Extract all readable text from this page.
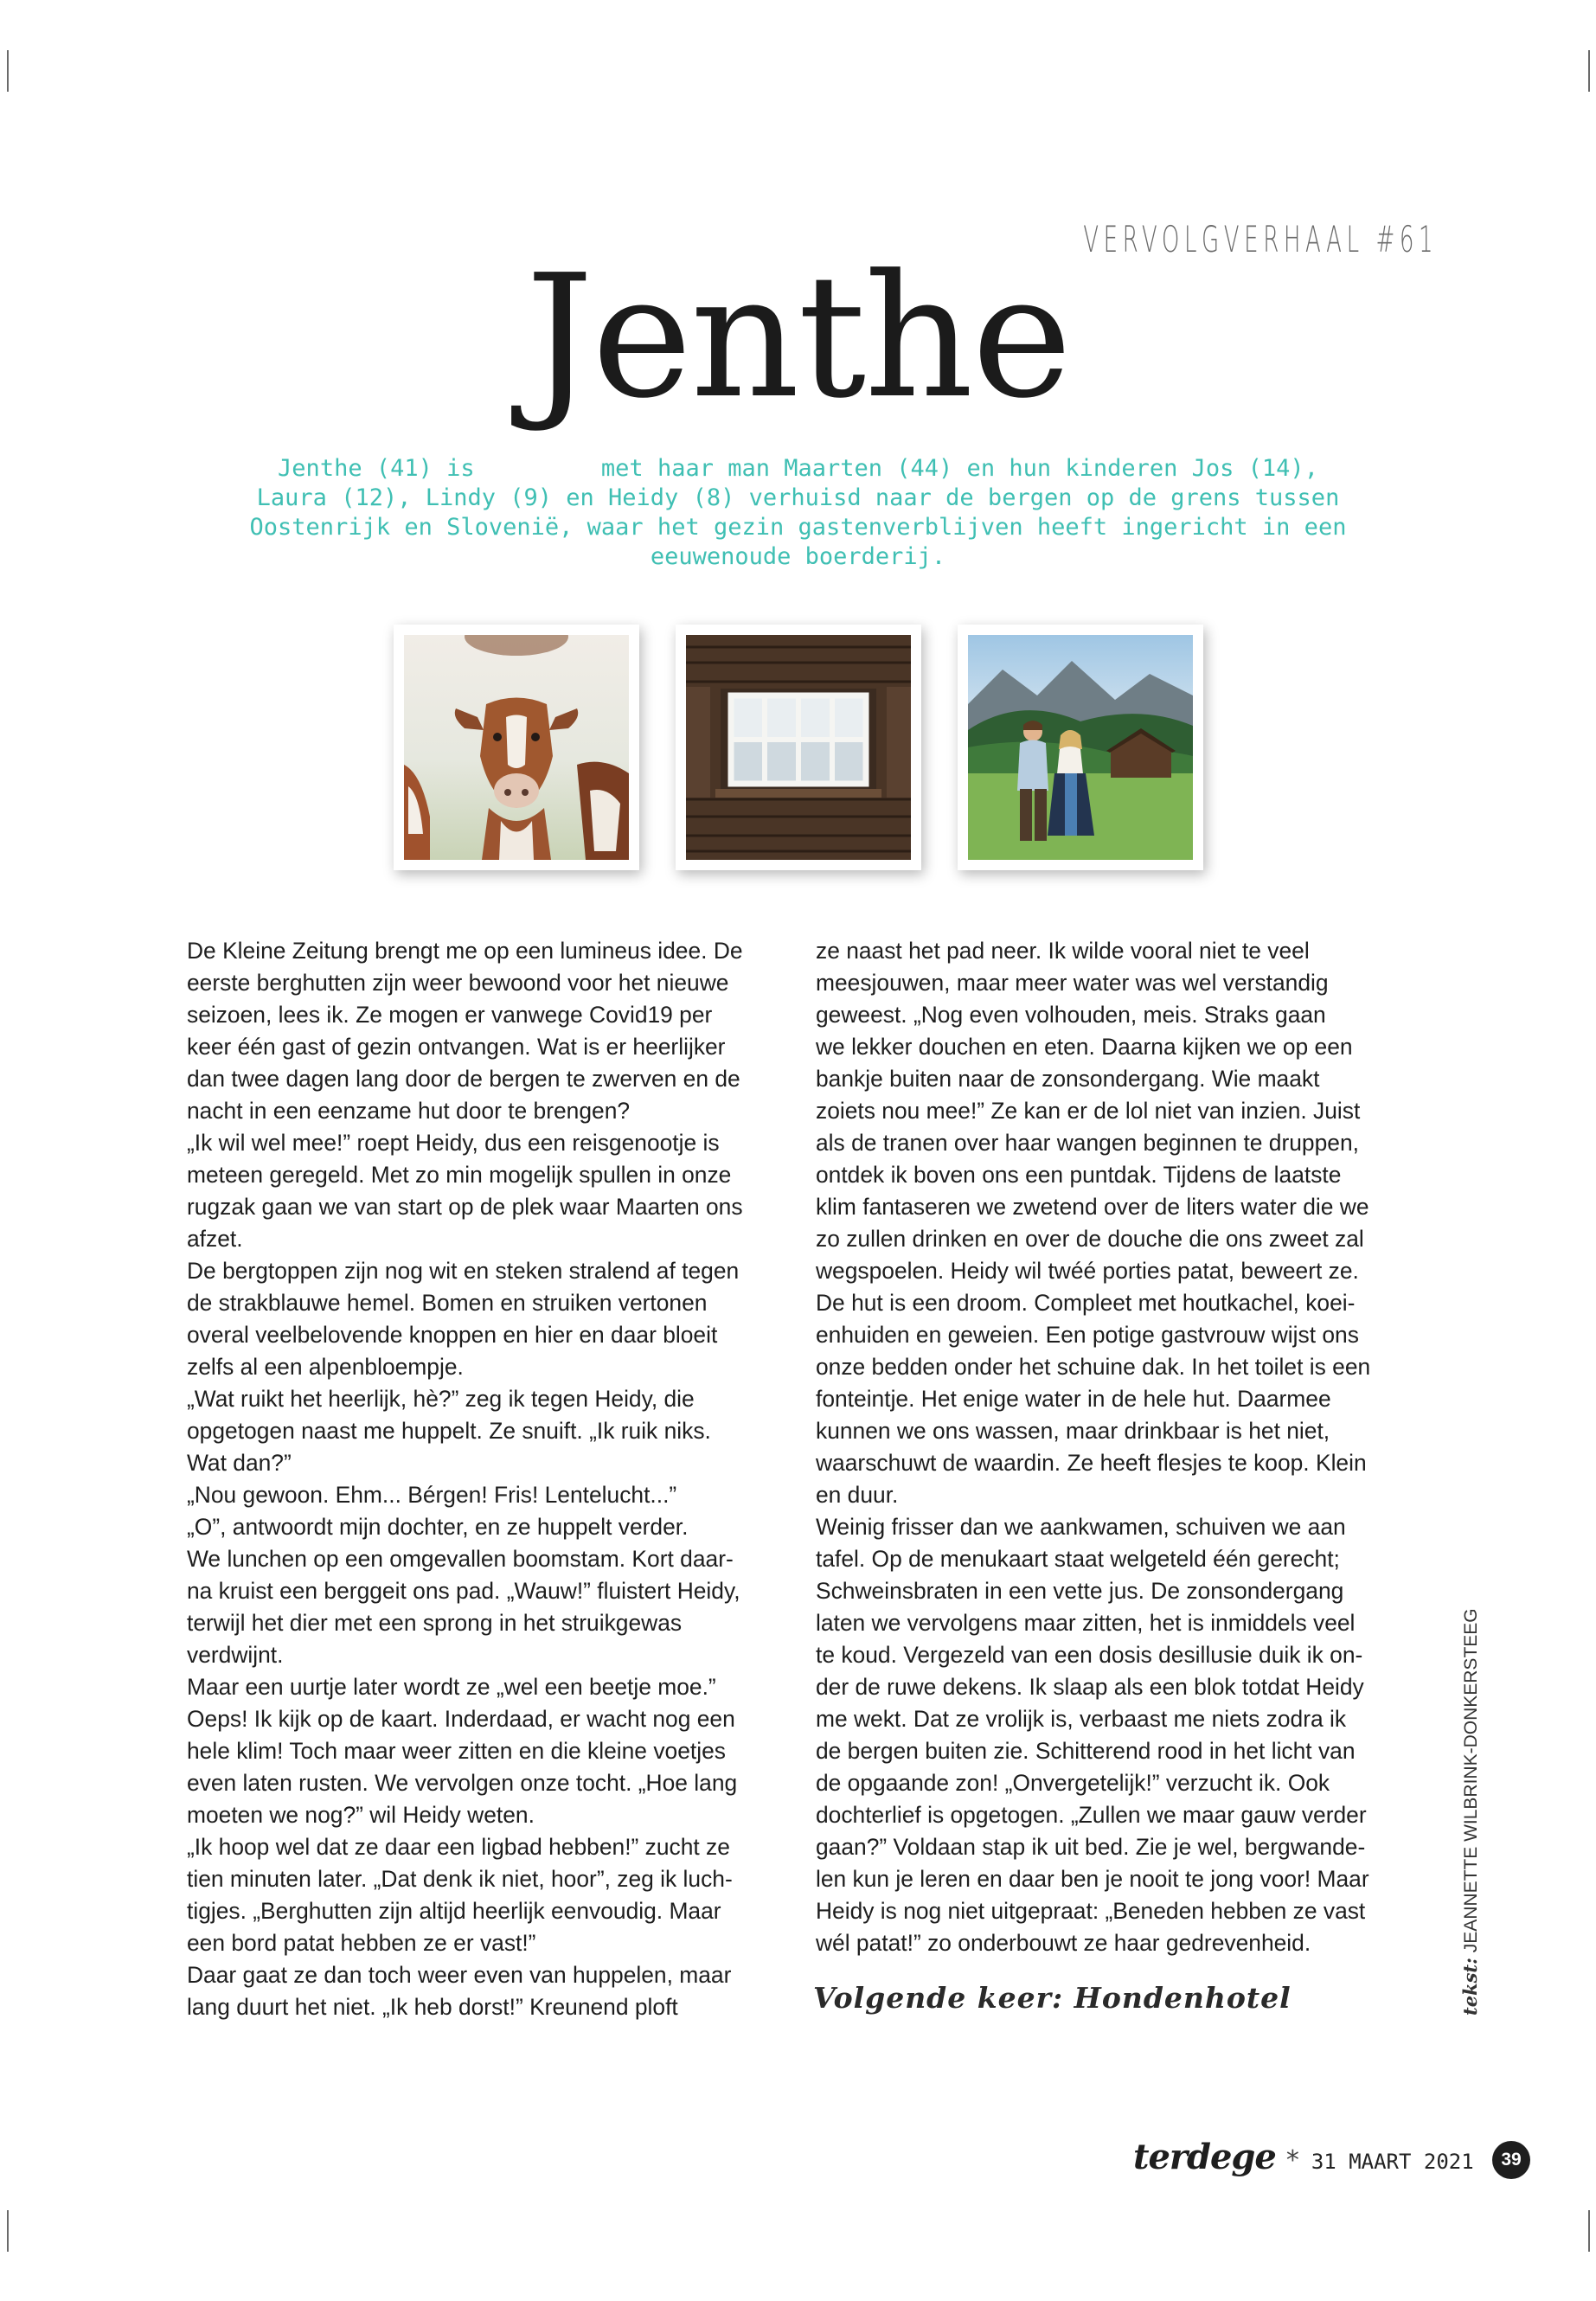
VERVOLGVERHAAL #61
Jenthe
Jenthe (41) is         met haar man Maarten (44) en hun kinderen Jos (14),
Laura (12), Lindy (9) en Heidy (8) verhuisd naar de bergen op de grens tussen
Oostenrijk en Slovenië, waar het gezin gastenverblijven heeft ingericht in een
eeuwenoude boerderij.
De Kleine Zeitung brengt me op een lumineus idee. De
eerste berghutten zijn weer bewoond voor het nieuwe
seizoen, lees ik. Ze mogen er vanwege Covid19 per
keer één gast of gezin ontvangen. Wat is er heerlijker
dan twee dagen lang door de bergen te zwerven en de
nacht in een eenzame hut door te brengen?
„Ik wil wel mee!” roept Heidy, dus een reisgenootje is
meteen geregeld. Met zo min mogelijk spullen in onze
rugzak gaan we van start op de plek waar Maarten ons
afzet.
De bergtoppen zijn nog wit en steken stralend af tegen
de strakblauwe hemel. Bomen en struiken vertonen
overal veelbelovende knoppen en hier en daar bloeit
zelfs al een alpenbloempje.
„Wat ruikt het heerlijk, hè?” zeg ik tegen Heidy, die
opgetogen naast me huppelt. Ze snuift. „Ik ruik niks.
Wat dan?”
„Nou gewoon. Ehm... Bérgen! Fris! Lentelucht...”
„O”, antwoordt mijn dochter, en ze huppelt verder.
We lunchen op een omgevallen boomstam. Kort daar-
na kruist een berggeit ons pad. „Wauw!” fluistert Heidy,
terwijl het dier met een sprong in het struikgewas
verdwijnt.
Maar een uurtje later wordt ze „wel een beetje moe.”
Oeps! Ik kijk op de kaart. Inderdaad, er wacht nog een
hele klim! Toch maar weer zitten en die kleine voetjes
even laten rusten. We vervolgen onze tocht. „Hoe lang
moeten we nog?” wil Heidy weten.
„Ik hoop wel dat ze daar een ligbad hebben!” zucht ze
tien minuten later. „Dat denk ik niet, hoor”, zeg ik luch-
tigjes. „Berghutten zijn altijd heerlijk eenvoudig. Maar
een bord patat hebben ze er vast!”
Daar gaat ze dan toch weer even van huppelen, maar
lang duurt het niet. „Ik heb dorst!” Kreunend ploft
ze naast het pad neer. Ik wilde vooral niet te veel
meesjouwen, maar meer water was wel verstandig
geweest. „Nog even volhouden, meis. Straks gaan
we lekker douchen en eten. Daarna kijken we op een
bankje buiten naar de zonsondergang. Wie maakt
zoiets nou mee!” Ze kan er de lol niet van inzien. Juist
als de tranen over haar wangen beginnen te druppen,
ontdek ik boven ons een puntdak. Tijdens de laatste
klim fantaseren we zwetend over de liters water die we
zo zullen drinken en over de douche die ons zweet zal
wegspoelen. Heidy wil twéé porties patat, beweert ze.
De hut is een droom. Compleet met houtkachel, koei-
enhuiden en geweien. Een potige gastvrouw wijst ons
onze bedden onder het schuine dak. In het toilet is een
fonteintje. Het enige water in de hele hut. Daarmee
kunnen we ons wassen, maar drinkbaar is het niet,
waarschuwt de waardin. Ze heeft flesjes te koop. Klein
en duur.
Weinig frisser dan we aankwamen, schuiven we aan
tafel. Op de menukaart staat welgeteld één gerecht;
Schweinsbraten in een vette jus. De zonsondergang
laten we vervolgens maar zitten, het is inmiddels veel
te koud. Vergezeld van een dosis desillusie duik ik on-
der de ruwe dekens. Ik slaap als een blok totdat Heidy
me wekt. Dat ze vrolijk is, verbaast me niets zodra ik
de bergen buiten zie. Schitterend rood in het licht van
de opgaande zon! „Onvergetelijk!” verzucht ik. Ook
dochterlief is opgetogen. „Zullen we maar gauw verder
gaan?” Voldaan stap ik uit bed. Zie je wel, bergwande-
len kun je leren en daar ben je nooit te jong voor! Maar
Heidy is nog niet uitgepraat: „Beneden hebben ze vast
wél patat!” zo onderbouwt ze haar gedrevenheid.
Volgende keer: Hondenhotel	tekst: JEANNETTE WILBRINK-DONKERSTEEG
terdege * 31 MAART 2021	39
